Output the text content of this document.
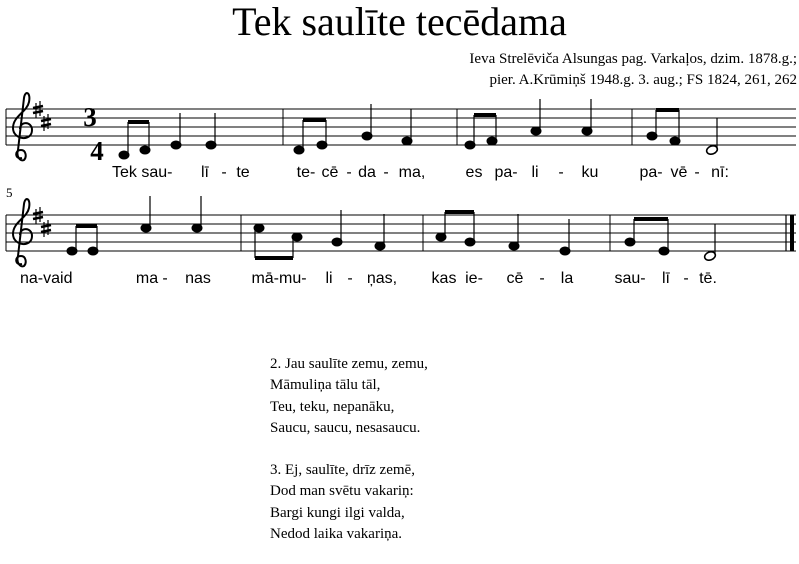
Tek saulīte tecēdama
Ieva Strelēviča Alsungas pag. Varkaļos, dzim. 1878.g.;
pier. A.Krūmiņš 1948.g. 3. aug.; FS 1824, 261, 262
3
4
Tek sau- lī - te	te- cē - da - ma,	es pa- li - ku	pa- vē - nī:
5
na-vaid	ma - nas	mā-mu- li - ņas, kas ie- cē - la	sau- lī - tē.
2. Jau saulīte zemu, zemu,
Māmuliņa tālu tāl,
Teu, teku, nepanāku,
Saucu, saucu, nesasaucu.
3. Ej, saulīte, drīz zemē,
Dod man svētu vakariņ:
Bargi kungi ilgi valda,
Nedod laika vakariņa.
